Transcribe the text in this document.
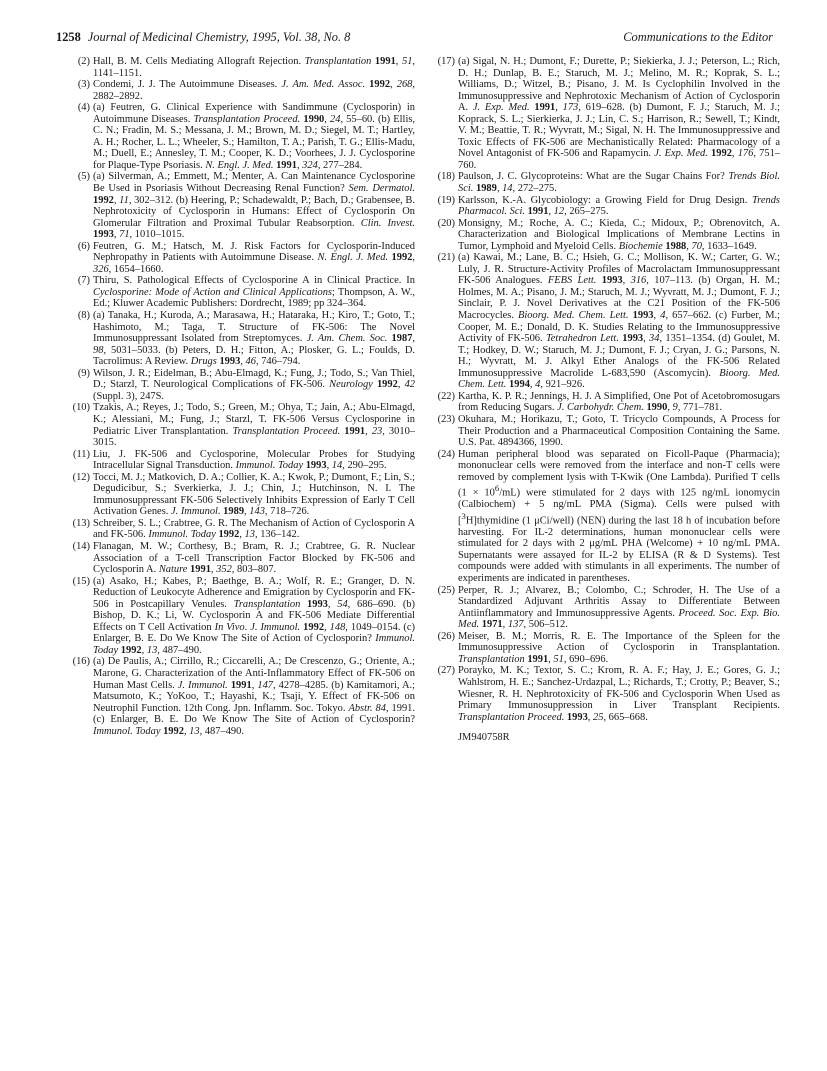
1258 Journal of Medicinal Chemistry, 1995, Vol. 38, No. 8	Communications to the Editor
(2) Hall, B. M. Cells Mediating Allograft Rejection. Transplantation 1991, 51, 1141–1151.
(3) Condemi, J. J. The Autoimmune Diseases. J. Am. Med. Assoc. 1992, 268, 2882–2892.
(4) (a) Feutren, G. Clinical Experience with Sandimmune (Cyclosporin) in Autoimmune Diseases. Transplantation Proceed. 1990, 24, 55–60. (b) Ellis, C. N.; Fradin, M. S.; Messana, J. M.; Brown, M. D.; Siegel, M. T.; Hartley, A. H.; Rocher, L. L.; Wheeler, S.; Hamilton, T. A.; Parish, T. G.; Ellis-Madu, M.; Duell, E.; Annesley, T. M.; Cooper, K. D.; Voorhees, J. J. Cyclosporine for Plaque-Type Psoriasis. N. Engl. J. Med. 1991, 324, 277–284.
(5) (a) Silverman, A.; Emmett, M.; Menter, A. Can Maintenance Cyclosporine Be Used in Psoriasis Without Decreasing Renal Function? Sem. Dermatol. 1992, 11, 302–312. (b) Heering, P.; Schadewaldt, P.; Bach, D.; Grabensee, B. Nephrotoxicity of Cyclosporin in Humans: Effect of Cyclosporin On Glomerular Filtration and Proximal Tubular Reabsorption. Clin. Invest. 1993, 71, 1010–1015.
(6) Feutren, G. M.; Hatsch, M. J. Risk Factors for Cyclosporin-Induced Nephropathy in Patients with Autoimmune Disease. N. Engl. J. Med. 1992, 326, 1654–1660.
(7) Thiru, S. Pathological Effects of Cyclosporine A in Clinical Practice. In Cyclosporine: Mode of Action and Clinical Applications; Thompson, A. W., Ed.; Kluwer Academic Publishers: Dordrecht, 1989; pp 324–364.
(8) (a) Tanaka, H.; Kuroda, A.; Marasawa, H.; Hataraka, H.; Kiro, T.; Goto, T.; Hashimoto, M.; Taga, T. Structure of FK-506: The Novel Immunosuppressant Isolated from Streptomyces. J. Am. Chem. Soc. 1987, 98, 5031–5033. (b) Peters, D. H.; Fitton, A.; Plosker, G. L.; Foulds, D. Tacrolimus: A Review. Drugs 1993, 46, 746–794.
(9) Wilson, J. R.; Eidelman, B.; Abu-Elmagd, K.; Fung, J.; Todo, S.; Van Thiel, D.; Starzl, T. Neurological Complications of FK-506. Neurology 1992, 42 (Suppl. 3), 247S.
(10) Tzakis, A.; Reyes, J.; Todo, S.; Green, M.; Ohya, T.; Jain, A.; Abu-Elmagd, K.; Alessiani, M.; Fung, J.; Starzl, T. FK-506 Versus Cyclosporine in Pediatric Liver Transplantation. Transplantation Proceed. 1991, 23, 3010–3015.
(11) Liu, J. FK-506 and Cyclosporine, Molecular Probes for Studying Intracellular Signal Transduction. Immunol. Today 1993, 14, 290–295.
(12) Tocci, M. J.; Matkovich, D. A.; Collier, K. A.; Kwok, P.; Dumont, F.; Lin, S.; Degudicibur, S.; Sverkierka, J. J.; Chin, J.; Hutchinson, N. I. The Immunosuppressant FK-506 Selectively Inhibits Expression of Early T Cell Activation Genes. J. Immunol. 1989, 143, 718–726.
(13) Schreiber, S. L.; Crabtree, G. R. The Mechanism of Action of Cyclosporin A and FK-506. Immunol. Today 1992, 13, 136–142.
(14) Flanagan, M. W.; Corthesy, B.; Bram, R. J.; Crabtree, G. R. Nuclear Association of a T-cell Transcription Factor Blocked by FK-506 and Cyclosporin A. Nature 1991, 352, 803–807.
(15) (a) Asako, H.; Kabes, P.; Baethge, B. A.; Wolf, R. E.; Granger, D. N. Reduction of Leukocyte Adherence and Emigration by Cyclosporin and FK-506 in Postcapillary Venules. Transplantation 1993, 54, 686–690. (b) Bishop, D. K.; Li, W. Cyclosporin A and FK-506 Mediate Differential Effects on T Cell Activation In Vivo. J. Immunol. 1992, 148, 1049–0154. (c) Enlarger, B. E. Do We Know The Site of Action of Cyclosporin? Immunol. Today 1992, 13, 487–490.
(16) (a) De Paulis, A.; Cirrillo, R.; Ciccarelli, A.; De Crescenzo, G.; Oriente, A.; Marone, G. Characterization of the Anti-Inflammatory Effect of FK-506 on Human Mast Cells. J. Immunol. 1991, 147, 4278–4285. (b) Kamitamori, A.; Matsumoto, K.; YoKoo, T.; Hayashi, K.; Tsaji, Y. Effect of FK-506 on Neutrophil Function. 12th Cong. Jpn. Inflamm. Soc. Tokyo. Abstr. 84, 1991. (c) Enlarger, B. E. Do We Know The Site of Action of Cyclosporin? Immunol. Today 1992, 13, 487–490.
(17) (a) Sigal, N. H.; Dumont, F.; Durette, P.; Siekierka, J. J.; Peterson, L.; Rich, D. H.; Dunlap, B. E.; Staruch, M. J.; Melino, M. R.; Koprak, S. L.; Williams, D.; Witzel, B.; Pisano, J. M. Is Cyclophilin Involved in the Immunosuppressive and Nephrotoxic Mechanism of Action of Cyclosporin A. J. Exp. Med. 1991, 173, 619–628. (b) Dumont, F. J.; Staruch, M. J.; Koprack, S. L.; Sierkierka, J. J.; Lin, C. S.; Harrison, R.; Sewell, T.; Kindt, V. M.; Beattie, T. R.; Wyvratt, M.; Sigal, N. H. The Immunosuppressive and Toxic Effects of FK-506 are Mechanistically Related: Pharmacology of a Novel Antagonist of FK-506 and Rapamycin. J. Exp. Med. 1992, 176, 751–760.
(18) Paulson, J. C. Glycoproteins: What are the Sugar Chains For? Trends Biol. Sci. 1989, 14, 272–275.
(19) Karlsson, K.-A. Glycobiology: a Growing Field for Drug Design. Trends Pharmacol. Sci. 1991, 12, 265–275.
(20) Monsigny, M.; Roche, A. C.; Kieda, C.; Midoux, P.; Obrenovitch, A. Characterization and Biological Implications of Membrane Lectins in Tumor, Lymphoid and Myeloid Cells. Biochemie 1988, 70, 1633–1649.
(21) (a) Kawai, M.; Lane, B. C.; Hsieh, G. C.; Mollison, K. W.; Carter, G. W.; Luly, J. R. Structure-Activity Profiles of Macrolactam Immunosuppressant FK-506 Analogues. FEBS Lett. 1993, 316, 107–113. (b) Organ, H. M.; Holmes, M. A.; Pisano, J. M.; Staruch, M. J.; Wyvratt, M. J.; Dumont, F. J.; Sinclair, P. J. Novel Derivatives at the C21 Position of the FK-506 Macrocycles. Bioorg. Med. Chem. Lett. 1993, 4, 657–662. (c) Furber, M.; Cooper, M. E.; Donald, D. K. Studies Relating to the Immunosuppressive Activity of FK-506. Tetrahedron Lett. 1993, 34, 1351–1354. (d) Goulet, M. T.; Hodkey, D. W.; Staruch, M. J.; Dumont, F. J.; Cryan, J. G.; Parsons, N. H.; Wyvratt, M. J. Alkyl Ether Analogs of the FK-506 Related Immunosuppressive Macrolide L-683,590 (Ascomycin). Bioorg. Med. Chem. Lett. 1994, 4, 921–926.
(22) Kartha, K. P. R.; Jennings, H. J. A Simplified, One Pot of Acetobromosugars from Reducing Sugars. J. Carbohydr. Chem. 1990, 9, 771–781.
(23) Okuhara, M.; Horikazu, T.; Goto, T. Tricyclo Compounds, A Process for Their Production and a Pharmaceutical Composition Containing the Same. U.S. Pat. 4894366, 1990.
(24) Human peripheral blood was separated on Ficoll-Paque (Pharmacia); mononuclear cells were removed from the interface and non-T cells were removed by complement lysis with T-Kwik (One Lambda). Purified T cells $(1 \times 10^6/mL)$ were stimulated for 2 days with 125 ng/mL ionomycin (Calbiochem) + 5 ng/mL PMA (Sigma). Cells were pulsed with [$^3$H]thymidine (1 μCi/well) (NEN) during the last 18 h of incubation before harvesting. For IL-2 determinations, human mononuclear cells were stimulated for 2 days with 2 μg/mL PHA (Welcome) + 10 ng/mL PMA. Supernatants were assayed for IL-2 by ELISA (R & D Systems). Test compounds were added with stimulants in all experiments. The number of experiments are indicated in parentheses.
(25) Perper, R. J.; Alvarez, B.; Colombo, C.; Schroder, H. The Use of a Standardized Adjuvant Arthritis Assay to Differentiate Between Antiinflammatory and Immunosuppressive Agents. Proceed. Soc. Exp. Bio. Med. 1971, 137, 506–512.
(26) Meiser, B. M.; Morris, R. E. The Importance of the Spleen for the Immunosuppressive Action of Cyclosporin in Transplantation. Transplantation 1991, 51, 690–696.
(27) Porayko, M. K.; Textor, S. C.; Krom, R. A. F.; Hay, J. E.; Gores, G. J.; Wahlstrom, H. E.; Sanchez-Urdazpal, L.; Richards, T.; Crotty, P.; Beaver, S.; Wiesner, R. H. Nephrotoxicity of FK-506 and Cyclosporin When Used as Primary Immunosuppression in Liver Transplant Recipients. Transplantation Proceed. 1993, 25, 665–668.
JM940758R
